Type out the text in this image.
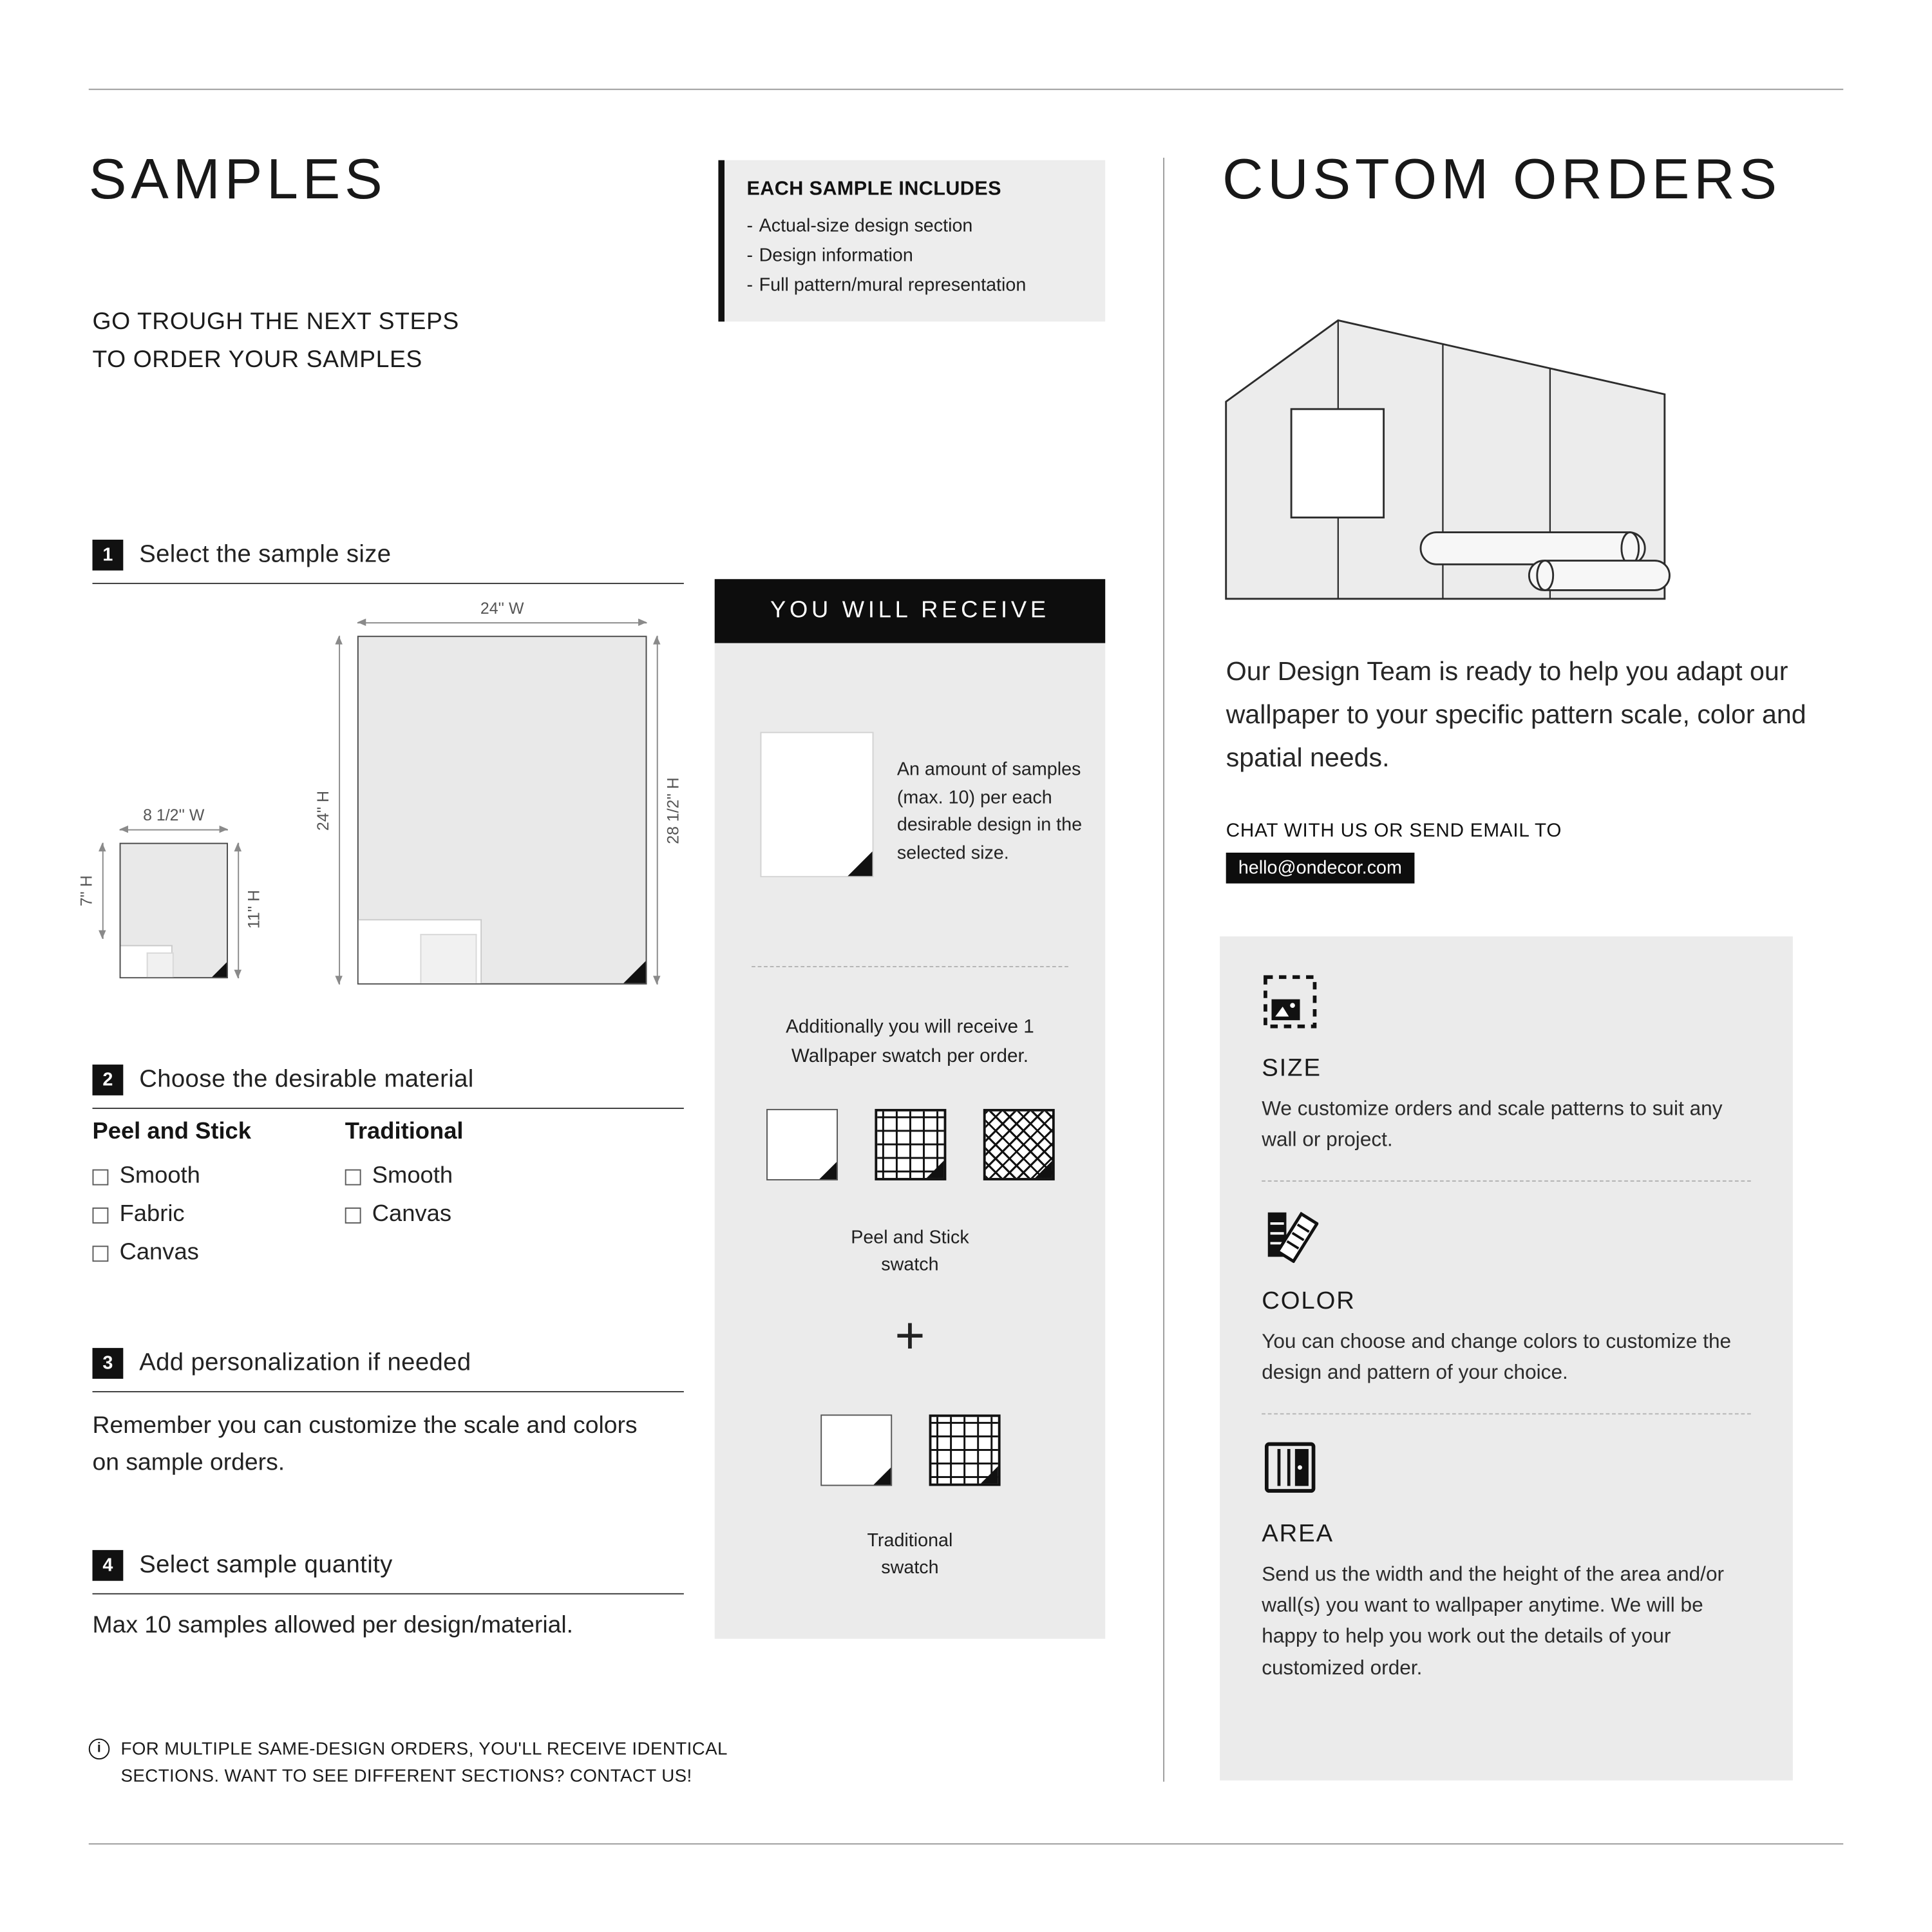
SAMPLES	EACH SAMPLE INCLUDES
- Actual-size design section
- Design information
- Full pattern/mural representation
GO TROUGH THE NEXT STEPS
TO ORDER YOUR SAMPLES
1	Select the sample size
24'' W
24'' H	28 1/2'' H
8 1/2'' W
7'' H	11'' H
2	Choose the desirable material
Peel and Stick
Smooth
Fabric
Canvas
Traditional
Smooth
Canvas
3	Add personalization if needed
Remember you can customize the scale and colors on sample orders.
4	Select sample quantity
Max 10 samples allowed per design/material.
i
FOR MULTIPLE SAME-DESIGN ORDERS, YOU'LL RECEIVE IDENTICAL
SECTIONS. WANT TO SEE DIFFERENT SECTIONS? CONTACT US!
YOU WILL RECEIVE
An amount of samples (max. 10) per each desirable design in the selected size.
Additionally you will receive 1 Wallpaper swatch per order.
Peel and Stick
swatch
+
Traditional
swatch
CUSTOM ORDERS
Our Design Team is ready to help you adapt our wallpaper to your specific pattern scale, color and spatial needs.
CHAT WITH US OR SEND EMAIL TO
hello@ondecor.com
SIZE
We customize orders and scale patterns to suit any wall or project.
COLOR
You can choose and change colors to customize the design and pattern of your choice.
AREA
Send us the width and the height of the area and/or wall(s) you want to wallpaper anytime. We will be happy to help you work out the details of your customized order.
